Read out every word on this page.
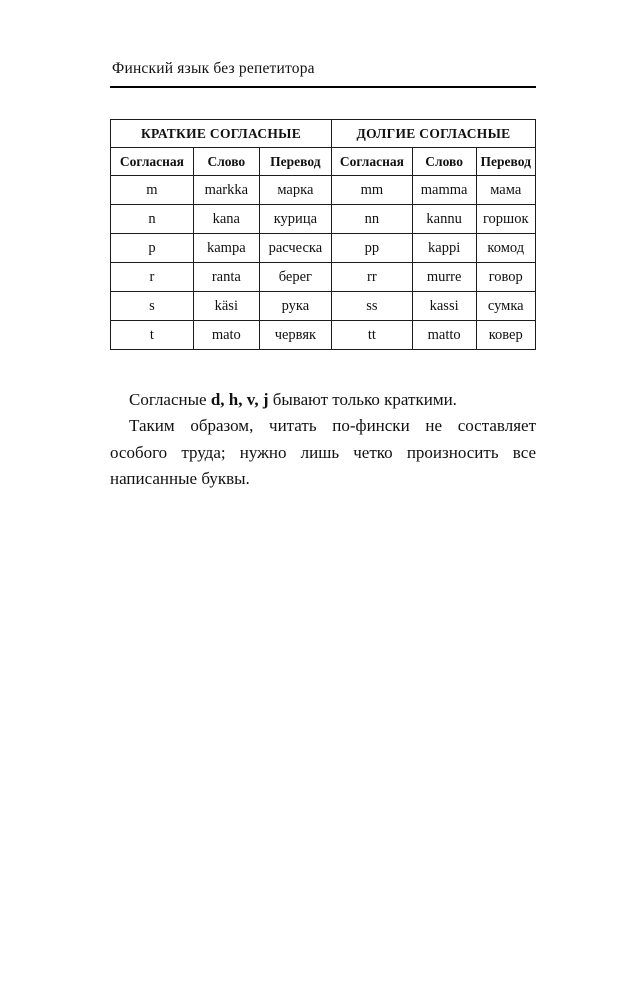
Финский язык без репетитора
КРАТКИЕ СОГЛАСНЫЕ			ДОЛГИЕ СОГЛАСНЫЕ		
Согласная	Слово	Перевод	Согласная	Слово	Перевод
m	markka	марка	mm	mamma	мама
n	kana	курица	nn	kannu	горшок
p	kampa	расческа	pp	kappi	комод
r	ranta	берег	rr	murre	говор
s	käsi	рука	ss	kassi	сумка
t	mato	червяк	tt	matto	ковер

Согласные d, h, v, j бывают только краткими.

Таким образом, читать по-фински не составляет особого труда; нужно лишь четко произносить все написанные буквы.
